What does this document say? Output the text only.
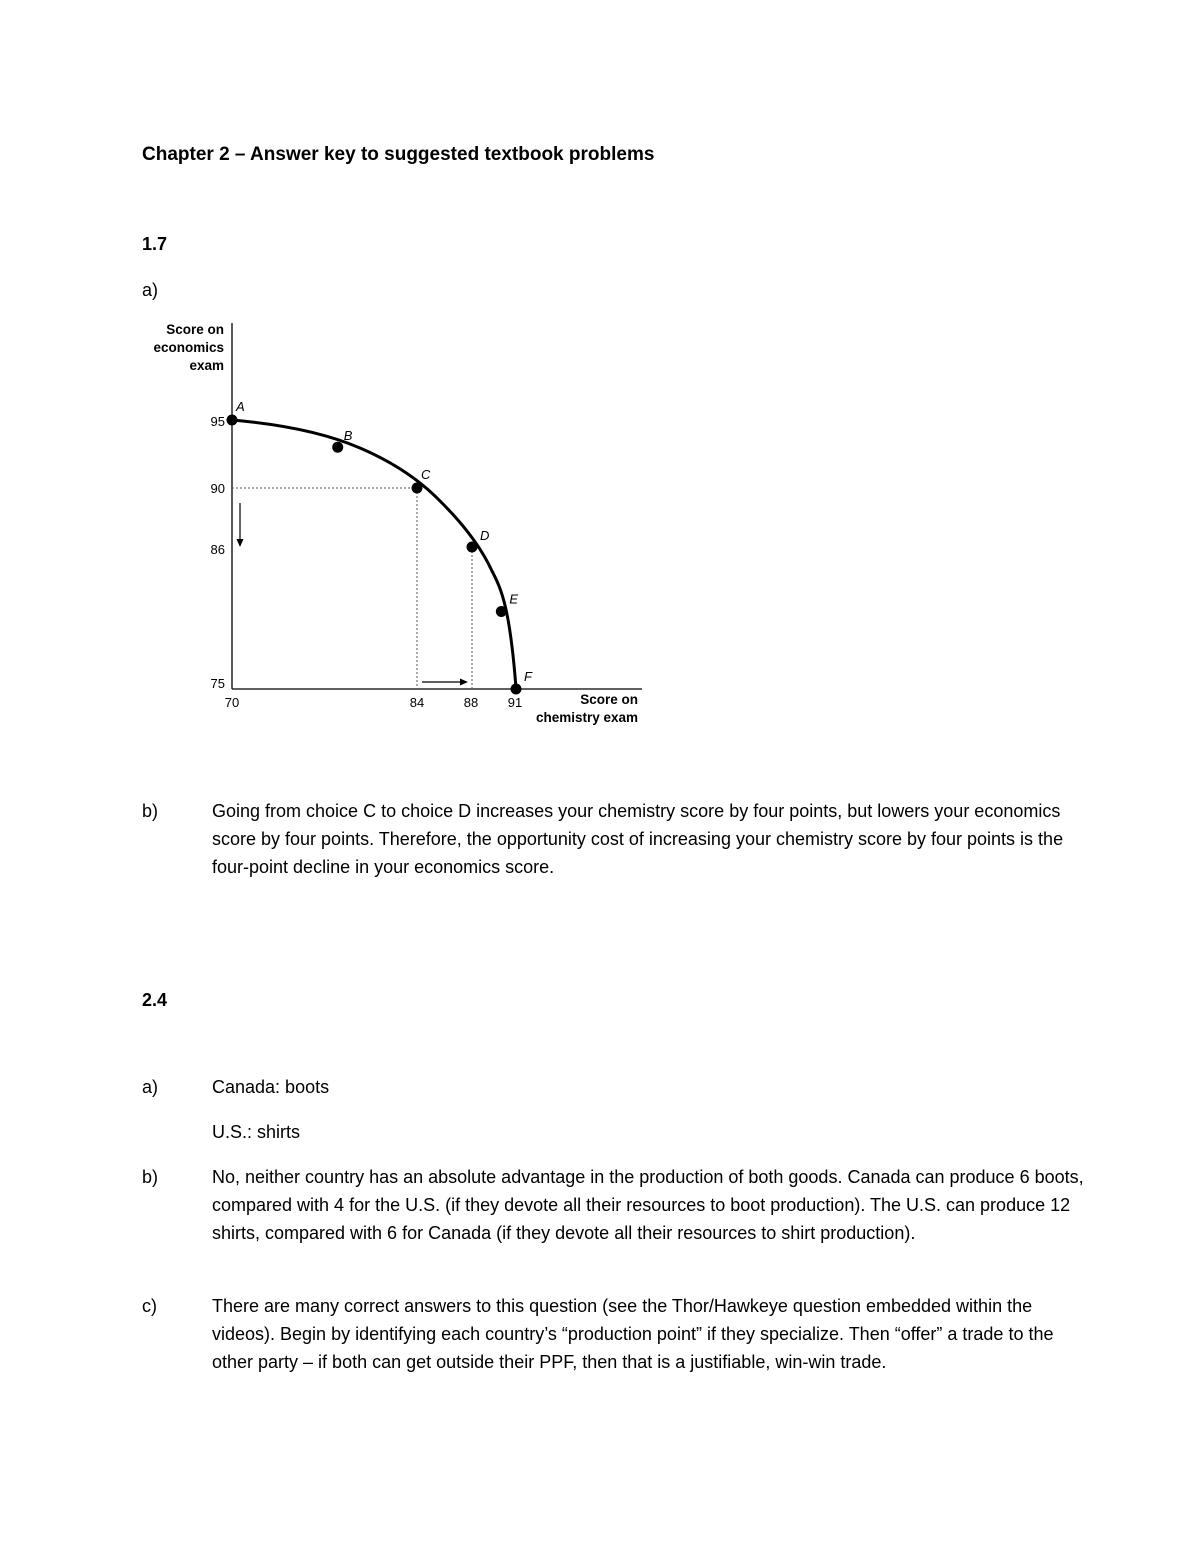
Chapter 2 – Answer key to suggested textbook problems
1.7
a)
Score on
economics
exam
Score on
chemistry exam
95
90
86
75
70	84	88 91
A
B
C
D
E
F
b)	Going from choice C to choice D increases your chemistry score by four points, but lowers your economics score by four points. Therefore, the opportunity cost of increasing your chemistry score by four points is the four-point decline in your economics score.
2.4
a)	Canada: boots
U.S.: shirts
b)	No, neither country has an absolute advantage in the production of both goods. Canada can produce 6 boots, compared with 4 for the U.S. (if they devote all their resources to boot production). The U.S. can produce 12 shirts, compared with 6 for Canada (if they devote all their resources to shirt production).
c)	There are many correct answers to this question (see the Thor/Hawkeye question embedded within the videos). Begin by identifying each country’s “production point” if they specialize. Then “offer” a trade to the other party – if both can get outside their PPF, then that is a justifiable, win-win trade.
